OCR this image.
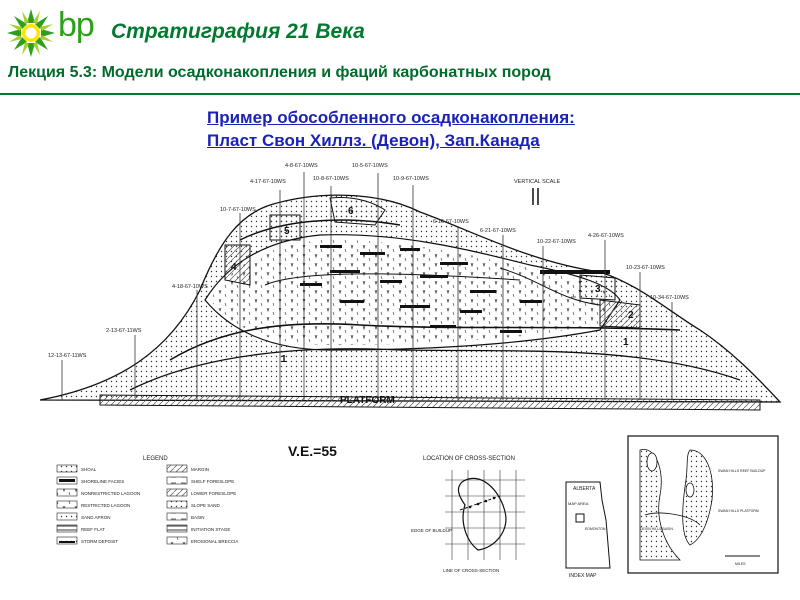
bp Стратиграфия 21 Века
Лекция 5.3: Модели осадконакопления и фаций карбонатных пород
Пример обособленного осадконакопления:
Пласт Свон Хиллз. (Девон), Зап.Канада
12-13-67-11WS
2-13-67-11WS
4-18-67-10WS
10-7-67-10WS
4-17-67-10WS
4-8-67-10WS
10-8-67-10WS
10-5-67-10WS
10-9-67-10WS
6-16-67-10WS
6-21-67-10WS
10-22-67-10WS
4-26-67-10WS
10-23-67-10WS
10-34-67-10WS
1
1
2
3
4
5
6
PLATFORM
VERTICAL SCALE
V.E.=55
LEGEND
SHOAL
SHORELINE FACIES
NONRESTRICTED LAGOON
RESTRICTED LAGOON
SAND APRON
REEF FLAT
STORM DEPOSIT
MARGIN
SHELF FORESLOPE
LOWER FORESLOPE
SLOPE SAND
BASIN
INITIATION STAGE
EROSIONAL BRECCIA
LOCATION OF CROSS-SECTION
EDGE OF BUILDUP
LINE OF CROSS-SECTION
ALBERTA
MAP AREA
EDMONTON
INDEX MAP
SWAN HILLS REEF BUILDUP
SWAN HILLS PLATFORM
DEVIN HILLS BASIN
MILES
